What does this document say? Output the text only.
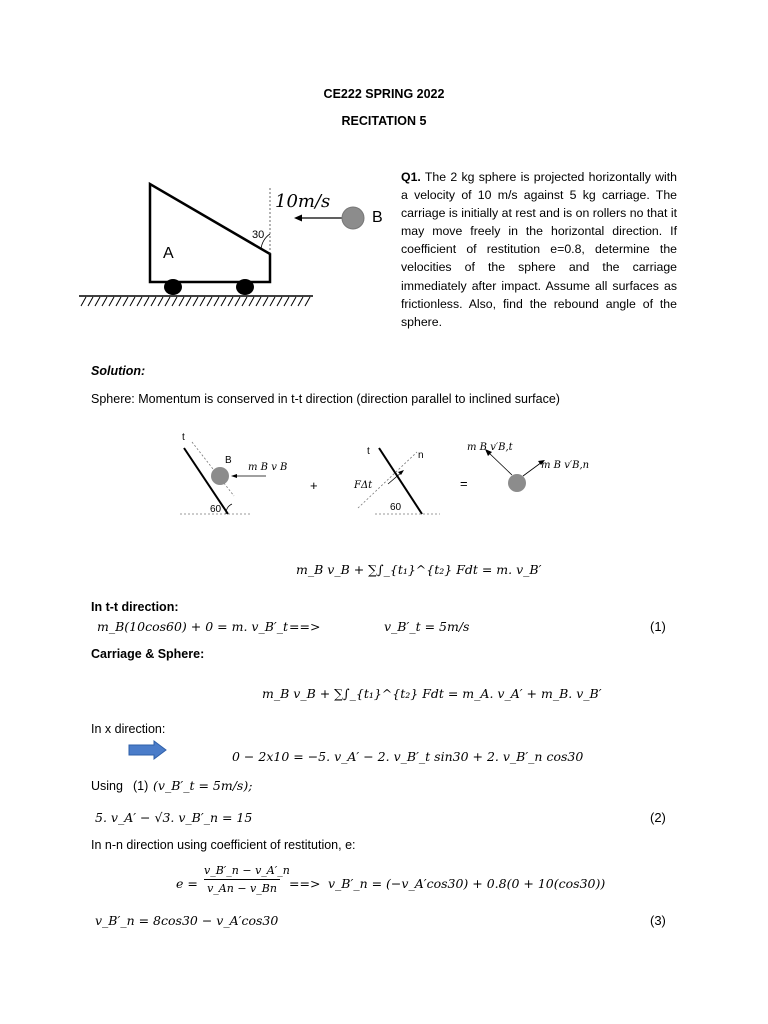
CE222 SPRING 2022
RECITATION 5
30
A
10m/s
B
Q1. The 2 kg sphere is projected horizontally with a velocity of 10 m/s against 5 kg carriage. The carriage is initially at rest and is on rollers no that it may move freely in the horizontal direction. If coefficient of restitution e=0.8, determine the velocities of the sphere and the carriage immediately after impact. Assume all surfaces as frictionless. Also, find the rebound angle of the sphere.
Solution:
Sphere: Momentum is conserved in t-t direction (direction parallel to inclined surface)
t
B
m B v B
60
+
t	n
FΔt
60
=
m B v′B,t
m B v′B,n
m_B v_B + ∑∫_{t₁}^{t₂} Fdt = m. v_B′
In t-t direction:
m_B(10cos60) + 0 = m. v_B′_t ==>	v_B′_t = 5m/s	(1)
Carriage & Sphere:
m_B v_B + ∑∫_{t₁}^{t₂} Fdt = m_A. v_A′ + m_B. v_B′
In x direction:
0 − 2x10 = −5. v_A′ − 2. v_B′_t sin30 + 2. v_B′_n cos30
Using (1) (v_B′_t = 5m/s);
5. v_A′ − √3. v_B′_n = 15	(2)
In n-n direction using coefficient of restitution, e:
e =
v_B′_n − v_A′_n
v_An − v_Bn ==> v_B′_n = (−v_A′cos30) + 0.8(0 + 10(cos30))
v_B′_n = 8cos30 − v_A′cos30	(3)
